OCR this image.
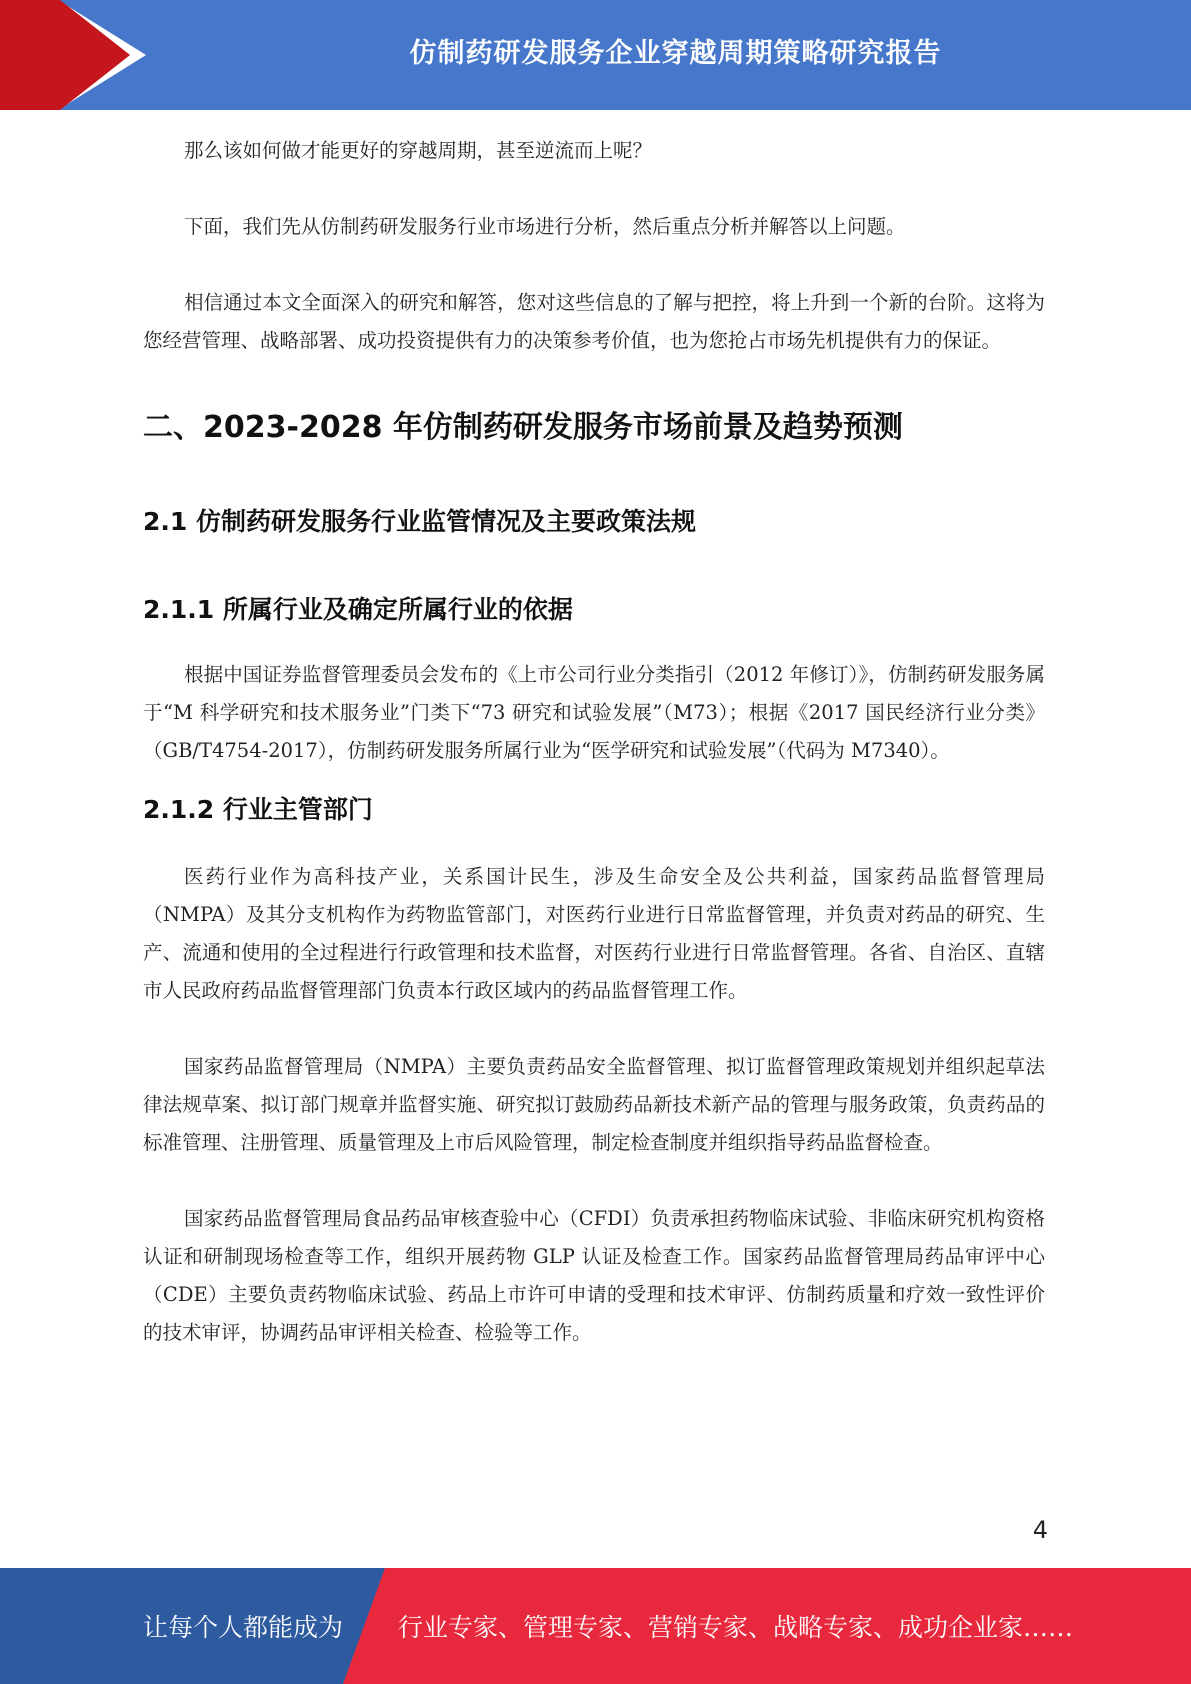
仿制药研发服务企业穿越周期策略研究报告

那么该如何做才能更好的穿越周期，甚至逆流而上呢？

下面，我们先从仿制药研发服务行业市场进行分析，然后重点分析并解答以上问题。

相信通过本文全面深入的研究和解答，您对这些信息的了解与把控，将上升到一个新的台阶。这将为您经营管理、战略部署、成功投资提供有力的决策参考价值，也为您抢占市场先机提供有力的保证。

二、2023-2028 年仿制药研发服务市场前景及趋势预测
2.1 仿制药研发服务行业监管情况及主要政策法规
2.1.1 所属行业及确定所属行业的依据

根据中国证券监督管理委员会发布的《上市公司行业分类指引（2012 年修订）》，仿制药研发服务属于“M 科学研究和技术服务业”门类下“73 研究和试验发展”（M73）；根据《2017 国民经济行业分类》（GB/T4754-2017），仿制药研发服务所属行业为“医学研究和试验发展”（代码为 M7340）。

2.1.2 行业主管部门

医药行业作为高科技产业，关系国计民生，涉及生命安全及公共利益，国家药品监督管理局（NMPA）及其分支机构作为药物监管部门，对医药行业进行日常监督管理，并负责对药品的研究、生产、流通和使用的全过程进行行政管理和技术监督，对医药行业进行日常监督管理。各省、自治区、直辖市人民政府药品监督管理部门负责本行政区域内的药品监督管理工作。

国家药品监督管理局（NMPA）主要负责药品安全监督管理、拟订监督管理政策规划并组织起草法律法规草案、拟订部门规章并监督实施、研究拟订鼓励药品新技术新产品的管理与服务政策，负责药品的标准管理、注册管理、质量管理及上市后风险管理，制定检查制度并组织指导药品监督检查。

国家药品监督管理局食品药品审核查验中心（CFDI）负责承担药物临床试验、非临床研究机构资格认证和研制现场检查等工作，组织开展药物 GLP 认证及检查工作。国家药品监督管理局药品审评中心（CDE）主要负责药物临床试验、药品上市许可申请的受理和技术审评、仿制药质量和疗效一致性评价的技术审评，协调药品审评相关检查、检验等工作。

4
让每个人都能成为 行业专家、管理专家、营销专家、战略专家、成功企业家……
